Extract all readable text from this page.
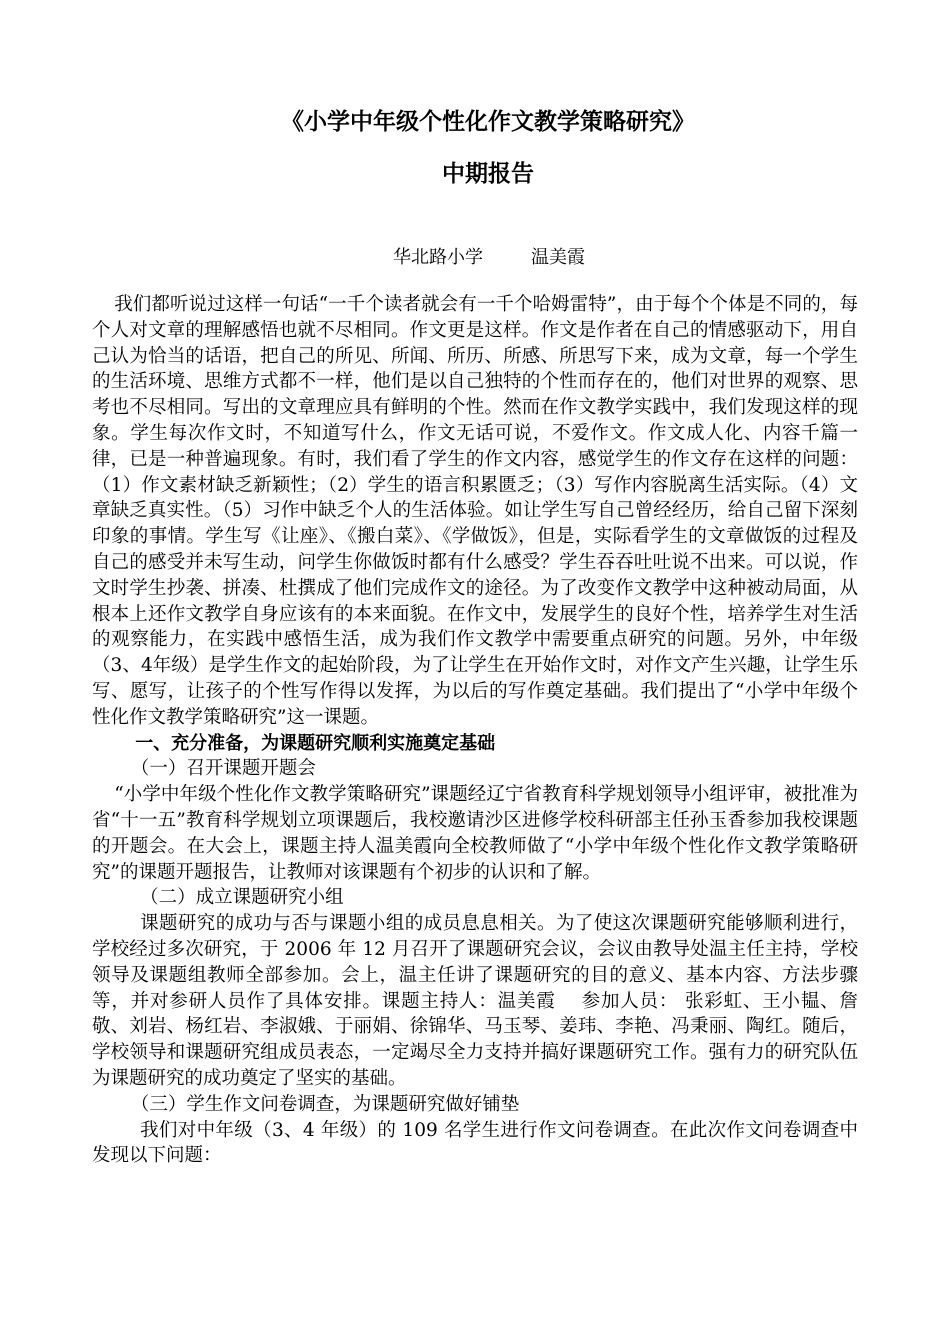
《小学中年级个性化作文教学策略研究》
中期报告
华北路小学	温美霞

我们都听说过这样一句话“一千个读者就会有一千个哈姆雷特”，由于每个个体是不同的，每个人对文章的理解感悟也就不尽相同。作文更是这样。作文是作者在自己的情感驱动下，用自己认为恰当的话语，把自己的所见、所闻、所历、所感、所思写下来，成为文章，每一个学生的生活环境、思维方式都不一样，他们是以自己独特的个性而存在的，他们对世界的观察、思考也不尽相同。写出的文章理应具有鲜明的个性。然而在作文教学实践中，我们发现这样的现象。学生每次作文时，不知道写什么，作文无话可说，不爱作文。作文成人化、内容千篇一律，已是一种普遍现象。有时，我们看了学生的作文内容，感觉学生的作文存在这样的问题：（1）作文素材缺乏新颖性；（2）学生的语言积累匮乏；（3）写作内容脱离生活实际。（4）文章缺乏真实性。（5）习作中缺乏个人的生活体验。如让学生写自己曾经经历，给自己留下深刻印象的事情。学生写《让座》、《搬白菜》、《学做饭》，但是，实际看学生的文章做饭的过程及自己的感受并未写生动，问学生你做饭时都有什么感受？学生吞吞吐吐说不出来。可以说，作文时学生抄袭、拼凑、杜撰成了他们完成作文的途径。为了改变作文教学中这种被动局面，从根本上还作文教学自身应该有的本来面貌。在作文中，发展学生的良好个性，培养学生对生活的观察能力，在实践中感悟生活，成为我们作文教学中需要重点研究的问题。另外，中年级（3、4年级）是学生作文的起始阶段，为了让学生在开始作文时，对作文产生兴趣，让学生乐写、愿写，让孩子的个性写作得以发挥，为以后的写作奠定基础。我们提出了“小学中年级个性化作文教学策略研究”这一课题。

一、充分准备，为课题研究顺利实施奠定基础

（一）召开课题开题会

“小学中年级个性化作文教学策略研究”课题经辽宁省教育科学规划领导小组评审，被批准为省“十一五”教育科学规划立项课题后，我校邀请沙区进修学校科研部主任孙玉香参加我校课题的开题会。在大会上，课题主持人温美霞向全校教师做了“小学中年级个性化作文教学策略研究”的课题开题报告，让教师对该课题有个初步的认识和了解。

（二）成立课题研究小组

课题研究的成功与否与课题小组的成员息息相关。为了使这次课题研究能够顺利进行，学校经过多次研究，于 2006 年 12 月召开了课题研究会议，会议由教导处温主任主持，学校领导及课题组教师全部参加。会上，温主任讲了课题研究的目的意义、基本内容、方法步骤等，并对参研人员作了具体安排。课题主持人：温美霞　 参加人员： 张彩虹、王小韫、詹敬、刘岩、杨红岩、李淑娥、于丽娟、徐锦华、马玉琴、姜玮、李艳、冯秉丽、陶红。随后，学校领导和课题研究组成员表态，一定竭尽全力支持并搞好课题研究工作。强有力的研究队伍为课题研究的成功奠定了坚实的基础。

（三）学生作文问卷调查，为课题研究做好铺垫

我们对中年级（3、4 年级）的 109 名学生进行作文问卷调查。在此次作文问卷调查中发现以下问题：
